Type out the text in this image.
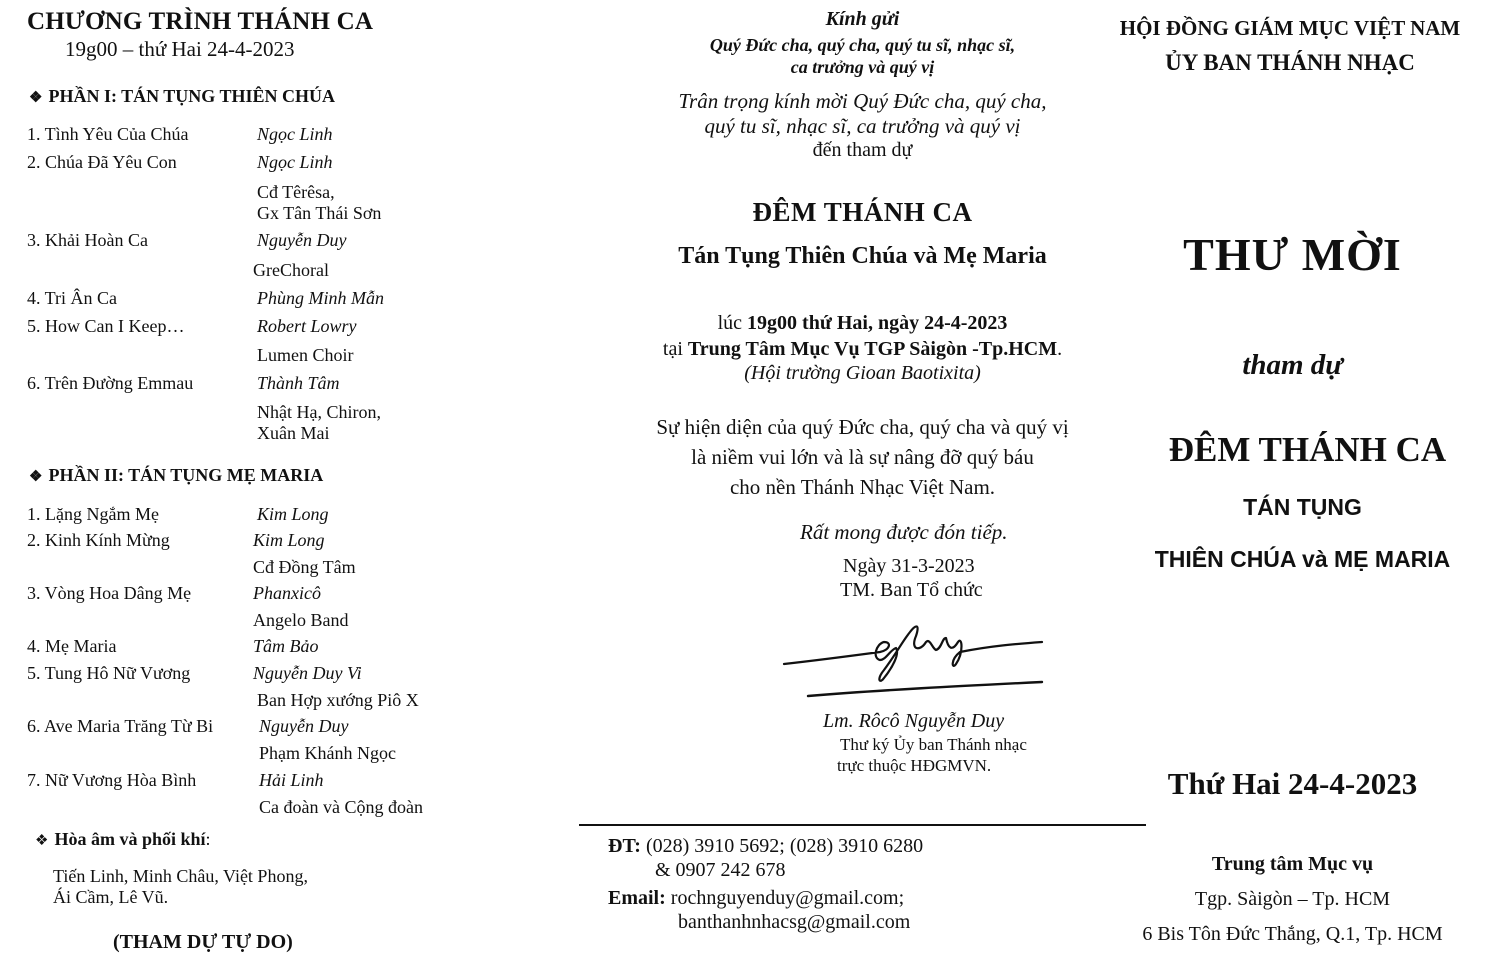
CHƯƠNG TRÌNH THÁNH CA
19g00 – thứ Hai 24-4-2023
❖ PHẦN I: TÁN TỤNG THIÊN CHÚA
1. Tình Yêu Của Chúa	Ngọc Linh
2. Chúa Đã Yêu Con	Ngọc Linh
Cđ Têrêsa,
Gx Tân Thái Sơn
3. Khải Hoàn Ca	Nguyễn Duy
GreChoral
4. Tri Ân Ca	Phùng Minh Mẫn
5. How Can I Keep…	Robert Lowry
Lumen Choir
6. Trên Đường Emmau	Thành Tâm
Nhật Hạ, Chiron,
Xuân Mai
❖ PHẦN II: TÁN TỤNG MẸ MARIA
1. Lặng Ngắm Mẹ	Kim Long
2. Kinh Kính Mừng	Kim Long
Cđ Đồng Tâm
3. Vòng Hoa Dâng Mẹ	Phanxicô
Angelo Band
4. Mẹ Maria	Tâm Bảo
5. Tung Hô Nữ Vương	Nguyễn Duy Vi
Ban Hợp xướng Piô X
6. Ave Maria Trăng Từ Bi	Nguyễn Duy
Phạm Khánh Ngọc
7. Nữ Vương Hòa Bình	Hải Linh
Ca đoàn và Cộng đoàn
❖ Hòa âm và phối khí:
Tiến Linh, Minh Châu, Việt Phong,
Ái Cầm, Lê Vũ.
(THAM DỰ TỰ DO)
Kính gửi
Quý Đức cha, quý cha, quý tu sĩ, nhạc sĩ,
ca trưởng và quý vị
Trân trọng kính mời Quý Đức cha, quý cha,
quý tu sĩ, nhạc sĩ, ca trưởng và quý vị
đến tham dự
ĐÊM THÁNH CA
Tán Tụng Thiên Chúa và Mẹ Maria
lúc 19g00 thứ Hai, ngày 24-4-2023
tại Trung Tâm Mục Vụ TGP Sàigòn -Tp.HCM.
(Hội trường Gioan Baotixita)
Sự hiện diện của quý Đức cha, quý cha và quý vị
là niềm vui lớn và là sự nâng đỡ quý báu
cho nền Thánh Nhạc Việt Nam.
Rất mong được đón tiếp.
Ngày 31-3-2023
TM. Ban Tổ chức
Lm. Rôcô Nguyễn Duy
Thư ký Ủy ban Thánh nhạc
trực thuộc HĐGMVN.
ĐT: (028) 3910 5692; (028) 3910 6280
& 0907 242 678
Email: rochnguyenduy@gmail.com;
banthanhnhacsg@gmail.com
HỘI ĐỒNG GIÁM MỤC VIỆT NAM
ỦY BAN THÁNH NHẠC
THƯ MỜI
tham dự
ĐÊM THÁNH CA
TÁN TỤNG
THIÊN CHÚA và MẸ MARIA
Thứ Hai 24-4-2023
Trung tâm Mục vụ
Tgp. Sàigòn – Tp. HCM
6 Bis Tôn Đức Thắng, Q.1, Tp. HCM
